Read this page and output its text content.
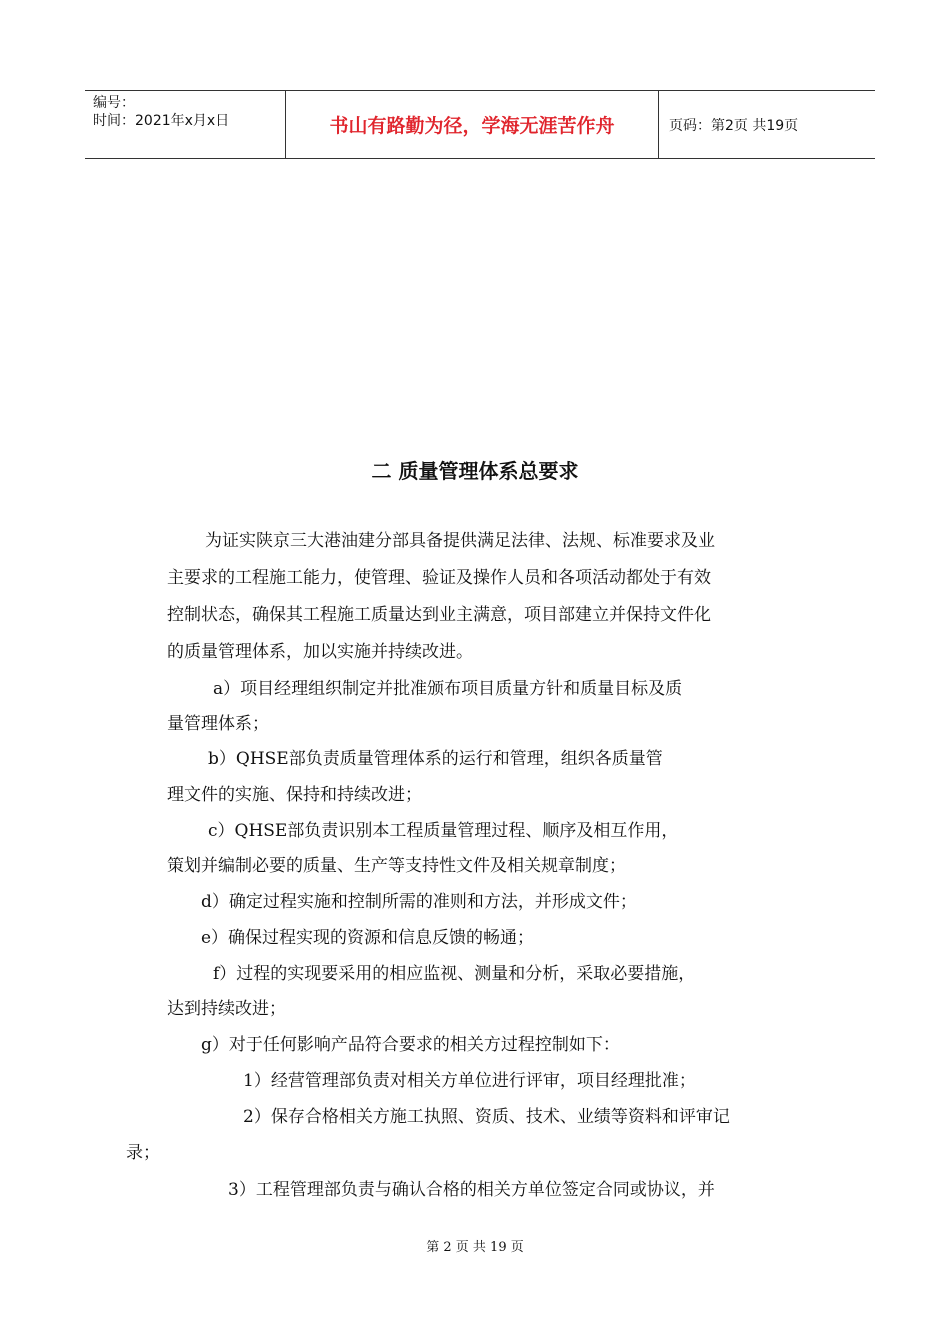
编号：
时间：2021年x月x日	书山有路勤为径，学海无涯苦作舟	页码：第2页 共19页
二 质量管理体系总要求
为证实陕京三大港油建分部具备提供满足法律、法规、标准要求及业
主要求的工程施工能力，使管理、验证及操作人员和各项活动都处于有效
控制状态，确保其工程施工质量达到业主满意，项目部建立并保持文件化
的质量管理体系，加以实施并持续改进。
a）项目经理组织制定并批准颁布项目质量方针和质量目标及质
量管理体系；
b）QHSE部负责质量管理体系的运行和管理，组织各质量管
理文件的实施、保持和持续改进；
c）QHSE部负责识别本工程质量管理过程、顺序及相互作用，
策划并编制必要的质量、生产等支持性文件及相关规章制度；
d）确定过程实施和控制所需的准则和方法，并形成文件；
e）确保过程实现的资源和信息反馈的畅通；
f）过程的实现要采用的相应监视、测量和分析，采取必要措施，
达到持续改进；
g）对于任何影响产品符合要求的相关方过程控制如下：
1）经营管理部负责对相关方单位进行评审，项目经理批准；
2）保存合格相关方施工执照、资质、技术、业绩等资料和评审记
录；
3）工程管理部负责与确认合格的相关方单位签定合同或协议，并
第 2 页 共 19 页
